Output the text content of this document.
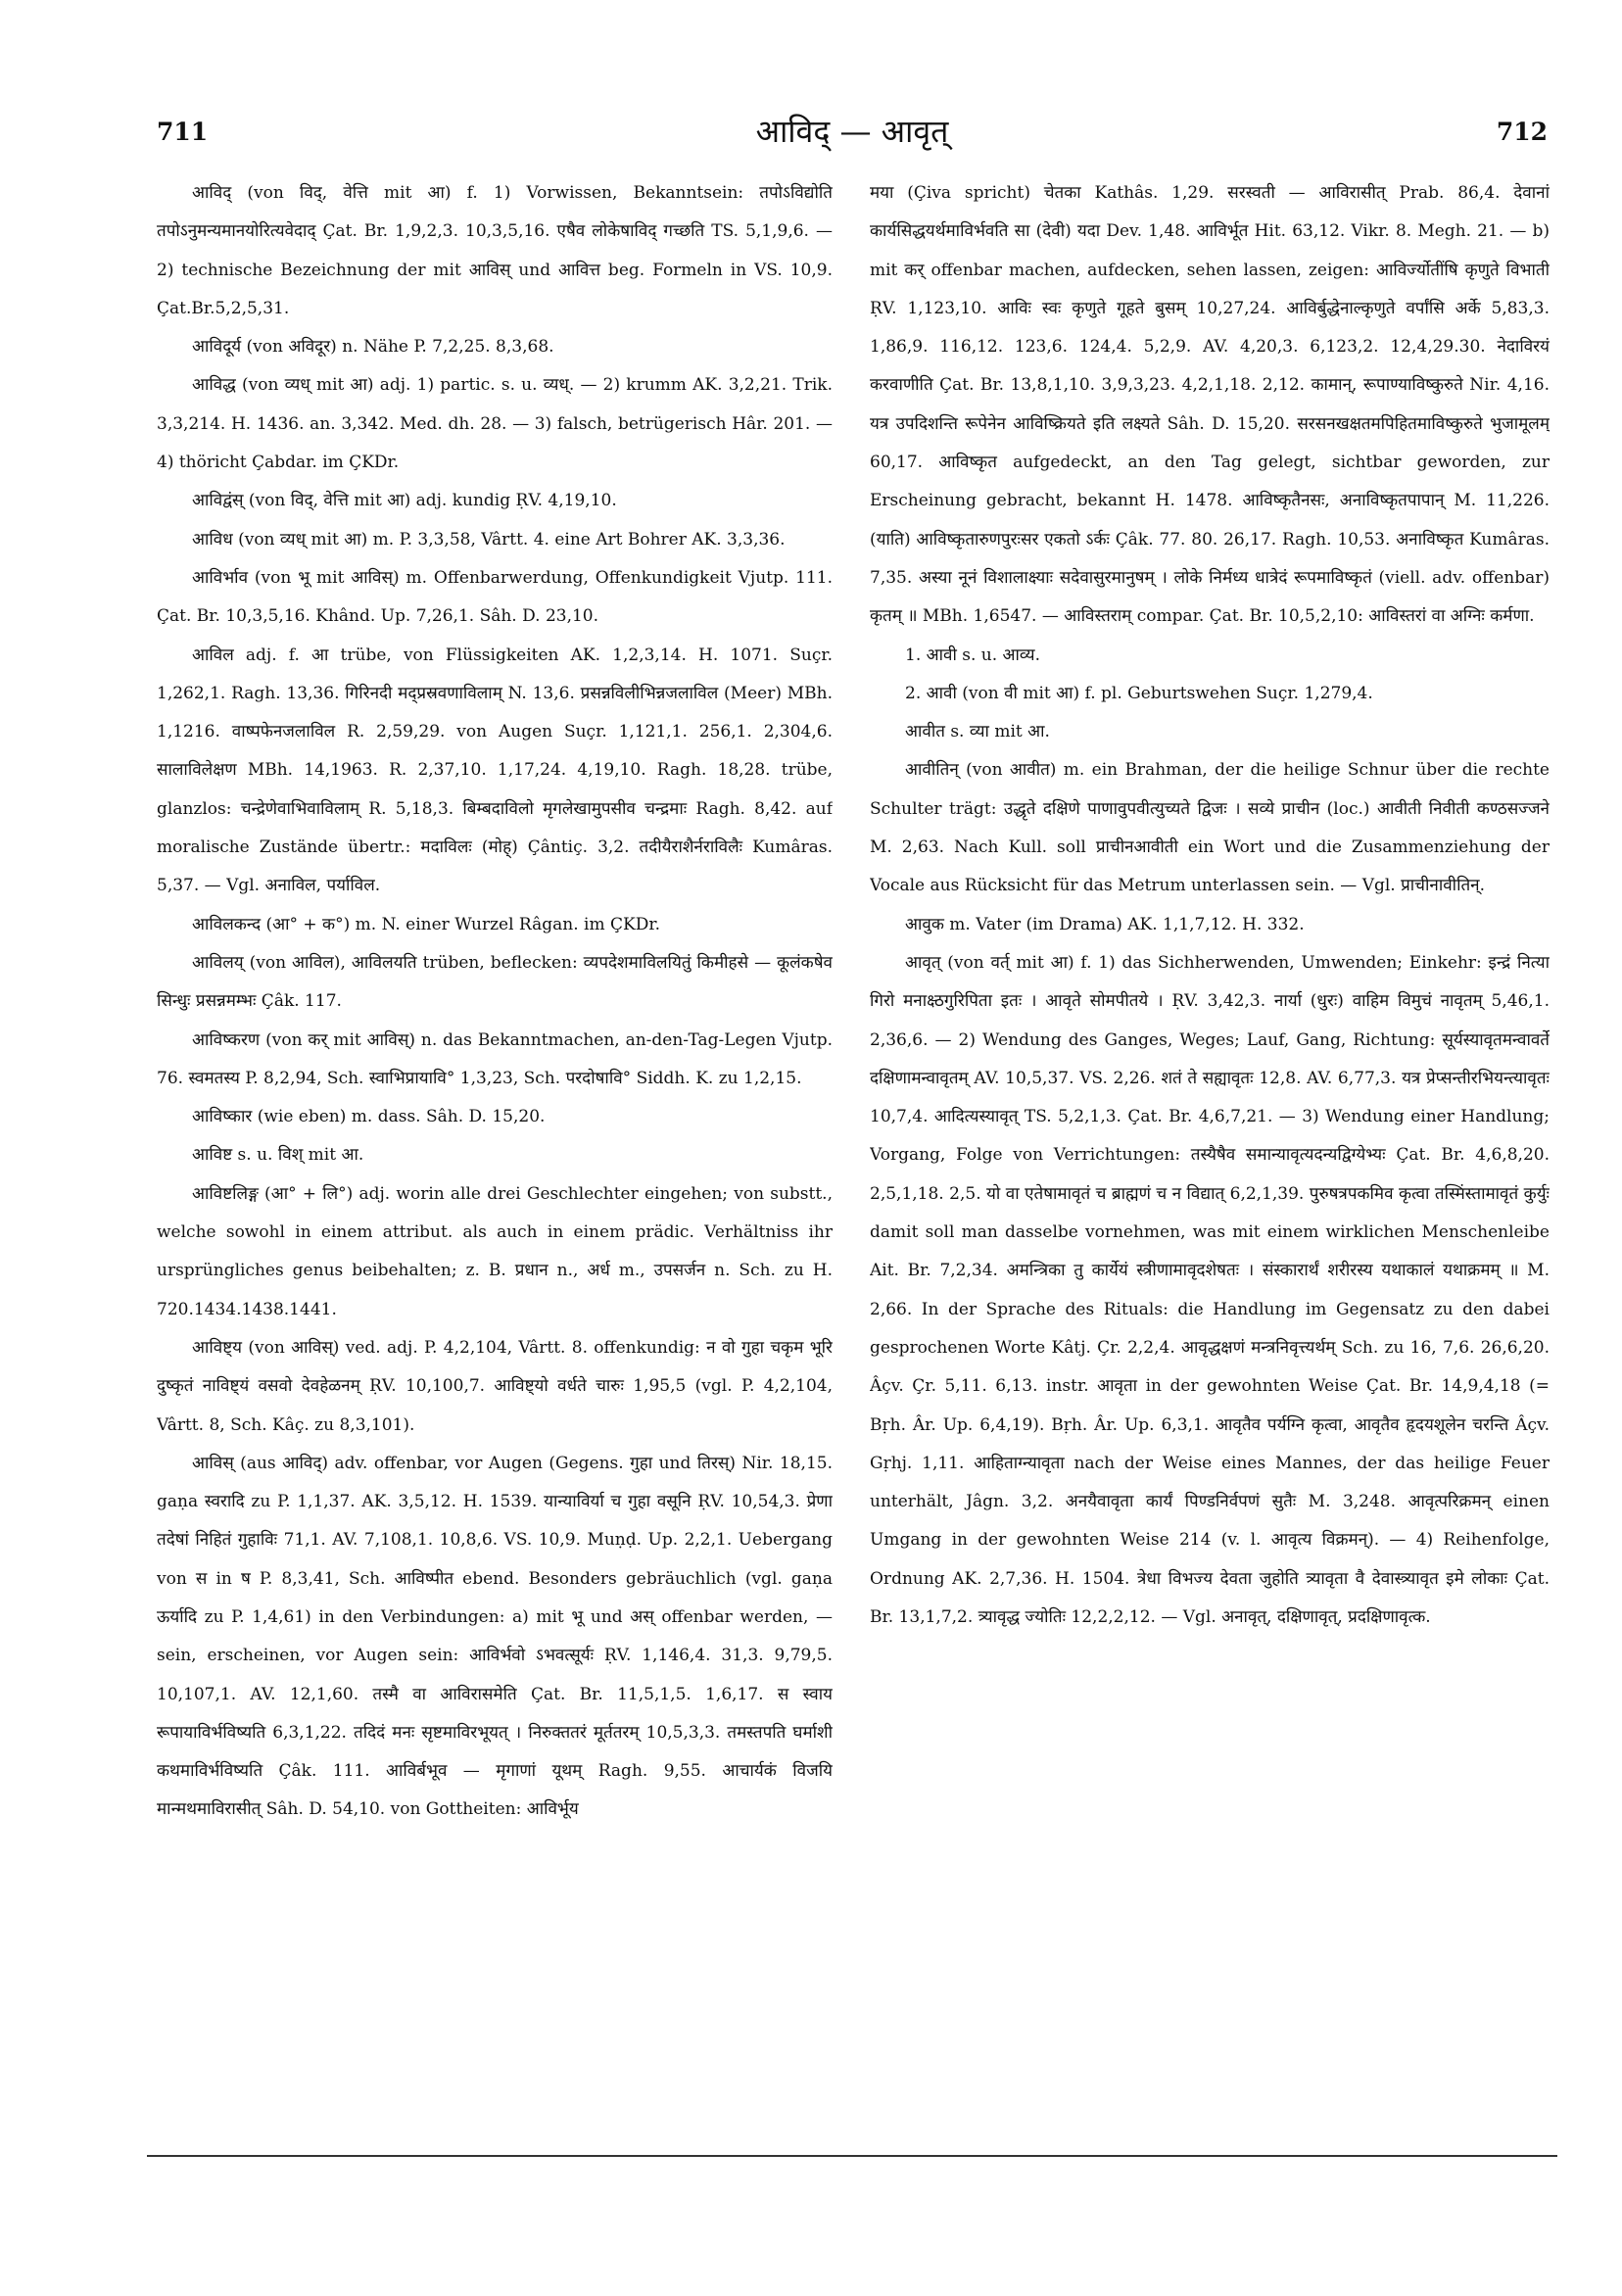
711	आविद् — आवृत्	712

आविद् (von विद्, वेत्ति mit आ) f. 1) Vorwissen, Bekanntsein: तपोऽविद्योति तपोऽनुमन्यमानयोरित्यवेदाद् Çat. Br. 1,9,2,3. 10,3,5,16. एषैव लोकेषाविद् गच्छति TS. 5,1,9,6. — 2) technische Bezeichnung der mit आविस् und आवित्त beg. Formeln in VS. 10,9. Çat.Br.5,2,5,31.

आविदूर्य (von अविदूर) n. Nähe P. 7,2,25. 8,3,68.

आविद्ध (von व्यध् mit आ) adj. 1) partic. s. u. व्यध्. — 2) krumm AK. 3,2,21. Trik. 3,3,214. H. 1436. an. 3,342. Med. dh. 28. — 3) falsch, betrügerisch Hâr. 201. — 4) thöricht Çabdar. im ÇKDr.

आविद्वंस् (von विद्, वेत्ति mit आ) adj. kundig ṚV. 4,19,10.

आविध (von व्यध् mit आ) m. P. 3,3,58, Vârtt. 4. eine Art Bohrer AK. 3,3,36.

आविर्भाव (von भू mit आविस्) m. Offenbarwerdung, Offenkundigkeit Vjutp. 111. Çat. Br. 10,3,5,16. Khând. Up. 7,26,1. Sâh. D. 23,10.

आविल adj. f. आ trübe, von Flüssigkeiten AK. 1,2,3,14. H. 1071. Suçr. 1,262,1. Ragh. 13,36. गिरिनदी मद्प्रस्रवणाविलाम् N. 13,6. प्रसन्नविलीभिन्नजलाविल (Meer) MBh. 1,1216. वाष्पफेनजलाविल R. 2,59,29. von Augen Suçr. 1,121,1. 256,1. 2,304,6. सालाविलेक्षण MBh. 14,1963. R. 2,37,10. 1,17,24. 4,19,10. Ragh. 18,28. trübe, glanzlos: चन्द्रेणेवाभिवाविलाम् R. 5,18,3. बिम्बदाविलो मृगलेखामुपसीव चन्द्रमाः Ragh. 8,42. auf moralische Zustände übertr.: मदाविलः (मोह्) Çântiç. 3,2. तदीयैराशैर्नराविलैः Kumâras. 5,37. — Vgl. अनाविल, पर्याविल.

आविलकन्द (आ° + क°) m. N. einer Wurzel Râgan. im ÇKDr.

आविलय् (von आविल), आविलयति trüben, beflecken: व्यपदेशमाविलयितुं किमीहसे — कूलंकषेव सिन्धुः प्रसन्नमम्भः Çâk. 117.

आविष्करण (von कर् mit आविस्) n. das Bekanntmachen, an-den-Tag-Legen Vjutp. 76. स्वमतस्य P. 8,2,94, Sch. स्वाभिप्रायावि° 1,3,23, Sch. परदोषावि° Siddh. K. zu 1,2,15.

आविष्कार (wie eben) m. dass. Sâh. D. 15,20.

आविष्ट s. u. विश् mit आ.

आविष्टलिङ्ग (आ° + लि°) adj. worin alle drei Geschlechter eingehen; von substt., welche sowohl in einem attribut. als auch in einem prädic. Verhältniss ihr ursprüngliches genus beibehalten; z. B. प्रधान n., अर्ध m., उपसर्जन n. Sch. zu H. 720.1434.1438.1441.

आविष्ट्य (von आविस्) ved. adj. P. 4,2,104, Vârtt. 8. offenkundig: न वो गुहा चकृम भूरि दुष्कृतं नाविष्ट्यं वसवो देवहेळनम् ṚV. 10,100,7. आविष्ट्यो वर्धते चारुः 1,95,5 (vgl. P. 4,2,104, Vârtt. 8, Sch. Kâç. zu 8,3,101).

आविस् (aus आविद्) adv. offenbar, vor Augen (Gegens. गुहा und तिरस्) Nir. 18,15. gaṇa स्वरादि zu P. 1,1,37. AK. 3,5,12. H. 1539. यान्याविर्या च गुहा वसूनि ṚV. 10,54,3. प्रेणा तदेषां निहितं गुहाविः 71,1. AV. 7,108,1. 10,8,6. VS. 10,9. Muṇḍ. Up. 2,2,1. Uebergang von स in ष P. 8,3,41, Sch. आविष्पीत ebend. Besonders gebräuchlich (vgl. gaṇa ऊर्यादि zu P. 1,4,61) in den Verbindungen: a) mit भू und अस् offenbar werden, — sein, erscheinen, vor Augen sein: आविर्भवो ऽभवत्सूर्यः ṚV. 1,146,4. 31,3. 9,79,5. 10,107,1. AV. 12,1,60. तस्मै वा आविरासमेति Çat. Br. 11,5,1,5. 1,6,17. स स्वाय रूपायाविर्भविष्यति 6,3,1,22. तदिदं मनः सृष्टमाविरभूयत् । निरुक्ततरं मूर्ततरम् 10,5,3,3. तमस्तपति घर्माशी कथमाविर्भविष्यति Çâk. 111. आविर्बभूव — मृगाणां यूथम् Ragh. 9,55. आचार्यकं विजयि मान्मथमाविरासीत् Sâh. D. 54,10. von Gottheiten: आविर्भूय

मया (Çiva spricht) चेतका Kathâs. 1,29. सरस्वती — आविरासीत् Prab. 86,4. देवानां कार्यसिद्धयर्थमाविर्भवति सा (देवी) यदा Dev. 1,48. आविर्भूत Hit. 63,12. Vikr. 8. Megh. 21. — b) mit कर् offenbar machen, aufdecken, sehen lassen, zeigen: आविर्ज्योतींषि कृणुते विभाती ṚV. 1,123,10. आविः स्वः कृणुते गूहते बुसम् 10,27,24. आविर्बुद्धेनाल्कृणुते वर्पांसि अर्के 5,83,3. 1,86,9. 116,12. 123,6. 124,4. 5,2,9. AV. 4,20,3. 6,123,2. 12,4,29.30. नेदाविरयं करवाणीति Çat. Br. 13,8,1,10. 3,9,3,23. 4,2,1,18. 2,12. कामान्, रूपाण्याविष्कुरुते Nir. 4,16. यत्र उपदिशन्ति रूपेनेन आविष्क्रियते इति लक्ष्यते Sâh. D. 15,20. सरसनखक्षतमपिहितमाविष्कुरुते भुजामूलम् 60,17. आविष्कृत aufgedeckt, an den Tag gelegt, sichtbar geworden, zur Erscheinung gebracht, bekannt H. 1478. आविष्कृतैनसः, अनाविष्कृतपापान् M. 11,226. (याति) आविष्कृतारुणपुरःसर एकतो ऽर्कः Çâk. 77. 80. 26,17. Ragh. 10,53. अनाविष्कृत Kumâras. 7,35. अस्या नूनं विशालाक्ष्याः सदेवासुरमानुषम् । लोके निर्मध्य धात्रेदं रूपमाविष्कृतं (viell. adv. offenbar) कृतम् ॥ MBh. 1,6547. — आविस्तराम् compar. Çat. Br. 10,5,2,10: आविस्तरां वा अग्निः कर्मणा.

1. आवी s. u. आव्य.

2. आवी (von वी mit आ) f. pl. Geburtswehen Suçr. 1,279,4.

आवीत s. व्या mit आ.

आवीतिन् (von आवीत) m. ein Brahman, der die heilige Schnur über die rechte Schulter trägt: उद्धृते दक्षिणे पाणावुपवीत्युच्यते द्विजः । सव्ये प्राचीन (loc.) आवीती निवीती कण्ठसज्जने M. 2,63. Nach Kull. soll प्राचीनआवीती ein Wort und die Zusammenziehung der Vocale aus Rücksicht für das Metrum unterlassen sein. — Vgl. प्राचीनावीतिन्.

आवुक m. Vater (im Drama) AK. 1,1,7,12. H. 332.

आवृत् (von वर्त् mit आ) f. 1) das Sichherwenden, Umwenden; Einkehr: इन्द्रं नित्या गिरो मनाक्ष्ठगुरिपिता इतः । आवृते सोमपीतये । ṚV. 3,42,3. नार्या (धुरः) वाहिम विमुचं नावृतम् 5,46,1. 2,36,6. — 2) Wendung des Ganges, Weges; Lauf, Gang, Richtung: सूर्यस्यावृतमन्वावर्ते दक्षिणामन्वावृतम् AV. 10,5,37. VS. 2,26. शतं ते सह्यावृतः 12,8. AV. 6,77,3. यत्र प्रेप्सन्तीरभियन्त्यावृतः 10,7,4. आदित्यस्यावृत् TS. 5,2,1,3. Çat. Br. 4,6,7,21. — 3) Wendung einer Handlung; Vorgang, Folge von Verrichtungen: तस्यैषैव समान्यावृत्यदन्यद्विग्येभ्यः Çat. Br. 4,6,8,20. 2,5,1,18. 2,5. यो वा एतेषामावृतं च ब्राह्मणं च न विद्यात् 6,2,1,39. पुरुषत्रपकमिव कृत्वा तस्मिंस्तामावृतं कुर्युः damit soll man dasselbe vornehmen, was mit einem wirklichen Menschenleibe Ait. Br. 7,2,34. अमन्त्रिका तु कार्येयं स्त्रीणामावृदशेषतः । संस्कारार्थं शरीरस्य यथाकालं यथाक्रमम् ॥ M. 2,66. In der Sprache des Rituals: die Handlung im Gegensatz zu den dabei gesprochenen Worte Kâtj. Çr. 2,2,4. आवृद्धक्षणं मन्त्रनिवृत्त्यर्थम् Sch. zu 16, 7,6. 26,6,20. Âçv. Çr. 5,11. 6,13. instr. आवृता in der gewohnten Weise Çat. Br. 14,9,4,18 (= Bṛh. Âr. Up. 6,4,19). Bṛh. Âr. Up. 6,3,1. आवृतैव पर्यग्नि कृत्वा, आवृतैव हृदयशूलेन चरन्ति Âçv. Gṛhj. 1,11. आहिताग्न्यावृता nach der Weise eines Mannes, der das heilige Feuer unterhält, Jâgn. 3,2. अनयैवावृता कार्यं पिण्डनिर्वपणं सुतैः M. 3,248. आवृत्परिक्रमन् einen Umgang in der gewohnten Weise 214 (v. l. आवृत्य विक्रमन्). — 4) Reihenfolge, Ordnung AK. 2,7,36. H. 1504. त्रेधा विभज्य देवता जुहोति त्र्यावृता वै देवास्त्र्यावृत इमे लोकाः Çat. Br. 13,1,7,2. त्र्यावृद्ध ज्योतिः 12,2,2,12. — Vgl. अनावृत्, दक्षिणावृत्, प्रदक्षिणावृत्क.
